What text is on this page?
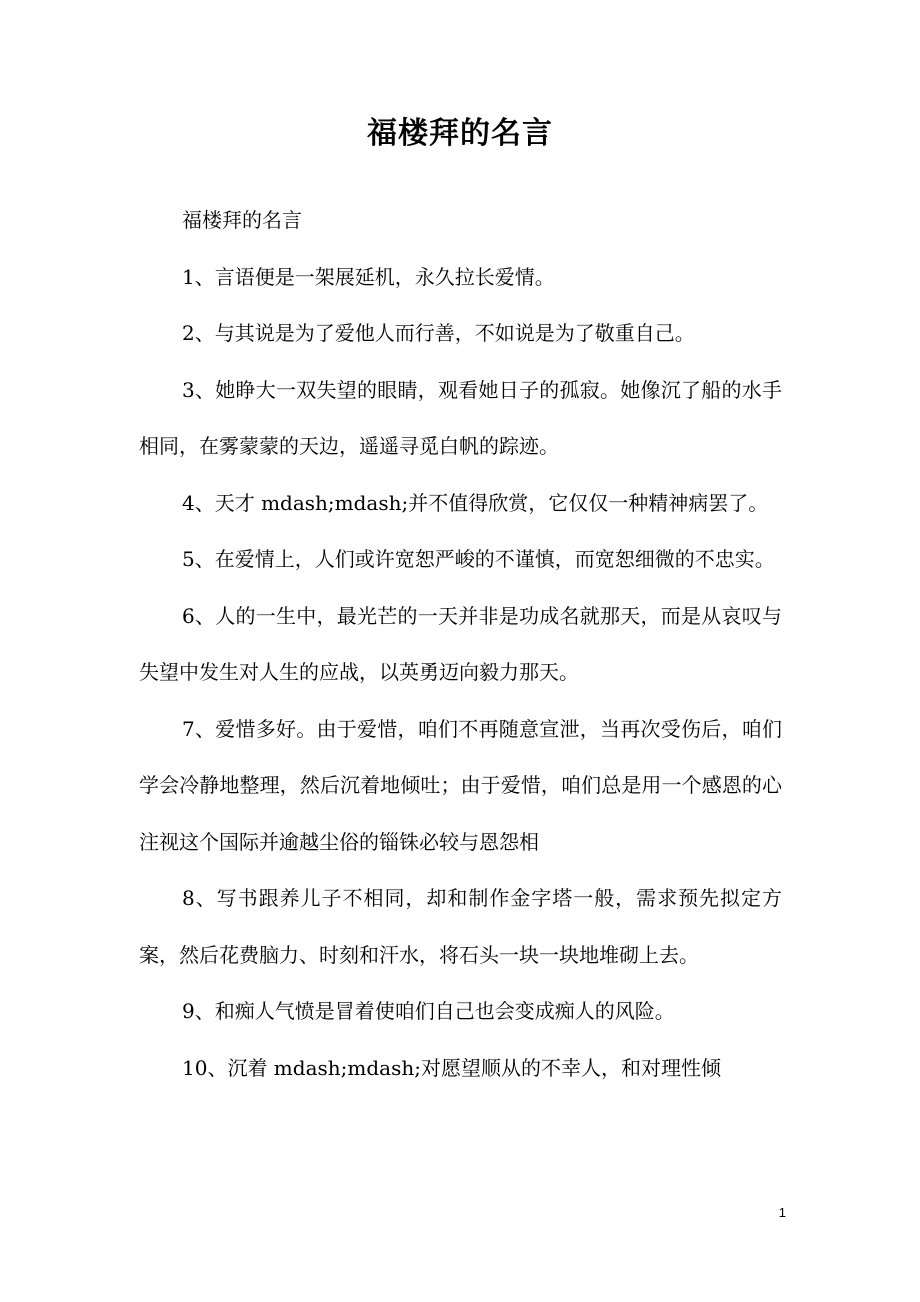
福楼拜的名言

福楼拜的名言

1、言语便是一架展延机，永久拉长爱情。

2、与其说是为了爱他人而行善，不如说是为了敬重自己。

3、她睁大一双失望的眼睛，观看她日子的孤寂。她像沉了船的水手相同，在雾蒙蒙的天边，遥遥寻觅白帆的踪迹。

4、天才 mdash;mdash;并不值得欣赏，它仅仅一种精神病罢了。

5、在爱情上，人们或许宽恕严峻的不谨慎，而宽恕细微的不忠实。

6、人的一生中，最光芒的一天并非是功成名就那天，而是从哀叹与失望中发生对人生的应战，以英勇迈向毅力那天。

7、爱惜多好。由于爱惜，咱们不再随意宣泄，当再次受伤后，咱们学会冷静地整理，然后沉着地倾吐；由于爱惜，咱们总是用一个感恩的心注视这个国际并逾越尘俗的锱铢必较与恩怨相

8、写书跟养儿子不相同，却和制作金字塔一般，需求预先拟定方案，然后花费脑力、时刻和汗水，将石头一块一块地堆砌上去。

9、和痴人气愤是冒着使咱们自己也会变成痴人的风险。

10、沉着 mdash;mdash;对愿望顺从的不幸人，和对理性倾

1
